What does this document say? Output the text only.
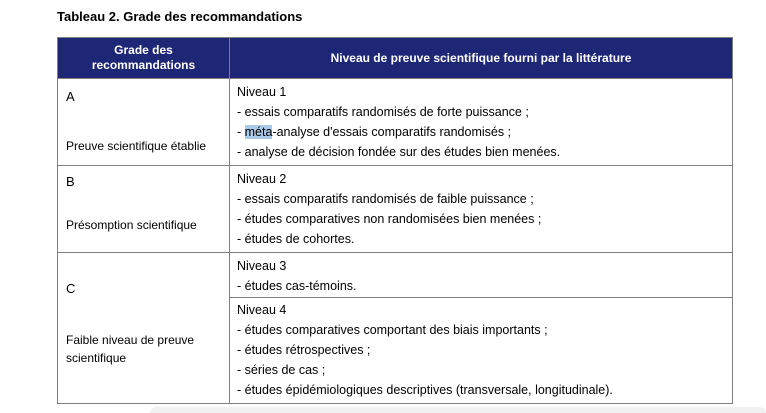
Tableau 2. Grade des recommandations
Grade des recommandations	Niveau de preuve scientifique fourni par la littérature
A
Preuve scientifique établie
Niveau 1
- essais comparatifs randomisés de forte puissance ;
- méta-analyse d'essais comparatifs randomisés ;
- analyse de décision fondée sur des études bien menées.
B
Présomption scientifique
Niveau 2
- essais comparatifs randomisés de faible puissance ;
- études comparatives non randomisées bien menées ;
- études de cohortes.
C
Faible niveau de preuve scientifique
Niveau 3
- études cas-témoins.
Niveau 4
- études comparatives comportant des biais importants ;
- études rétrospectives ;
- séries de cas ;
- études épidémiologiques descriptives (transversale, longitudinale).
